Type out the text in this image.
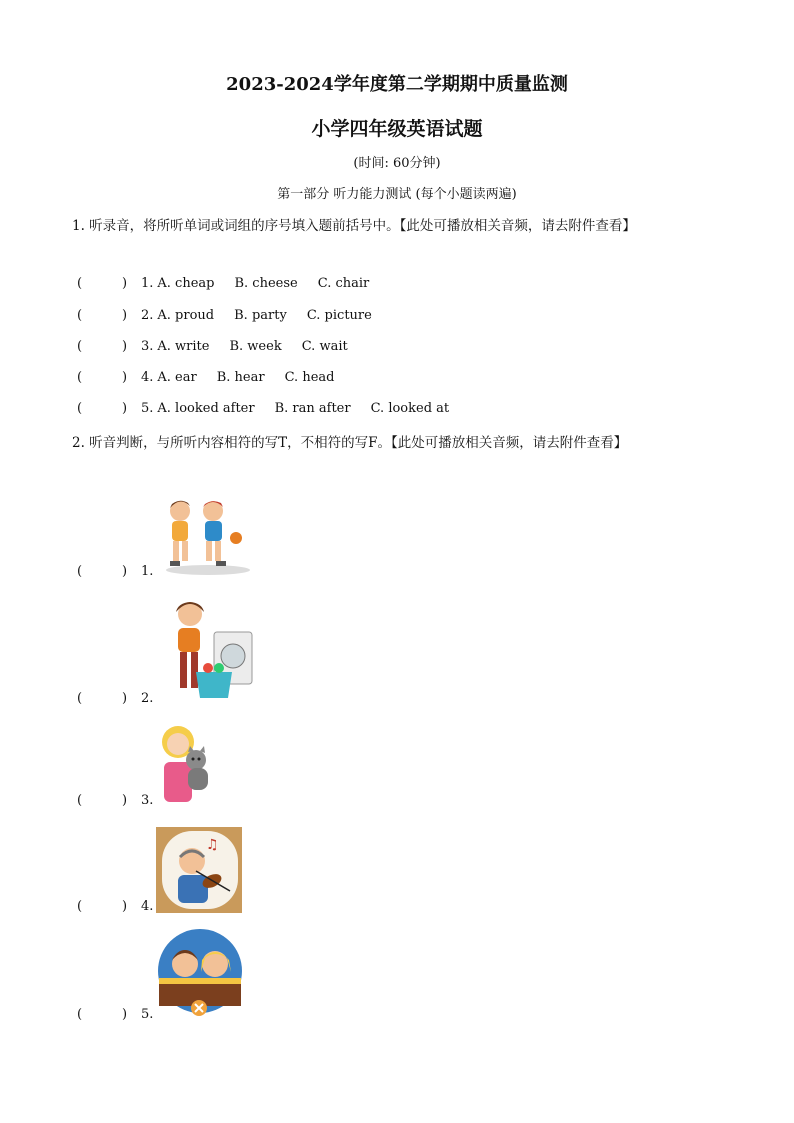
2023-2024学年度第二学期期中质量监测
小学四年级英语试题
(时间: 60分钟)
第一部分 听力能力测试 (每个小题读两遍)
1. 听录音，将所听单词或词组的序号填入题前括号中。【此处可播放相关音频，请去附件查看】
(	) 1. A. cheap B. cheese C. chair
(	) 2. A. proud B. party C. picture
(	) 3. A. write B. week C. wait
(	) 4. A. ear B. hear C. head
(	) 5. A. looked after B. ran after C. looked at
2. 听音判断，与所听内容相符的写T，不相符的写F。【此处可播放相关音频，请去附件查看】
(	) 1.
(	) 2.
(	) 3.
♫
(	) 4.
(	) 5.
